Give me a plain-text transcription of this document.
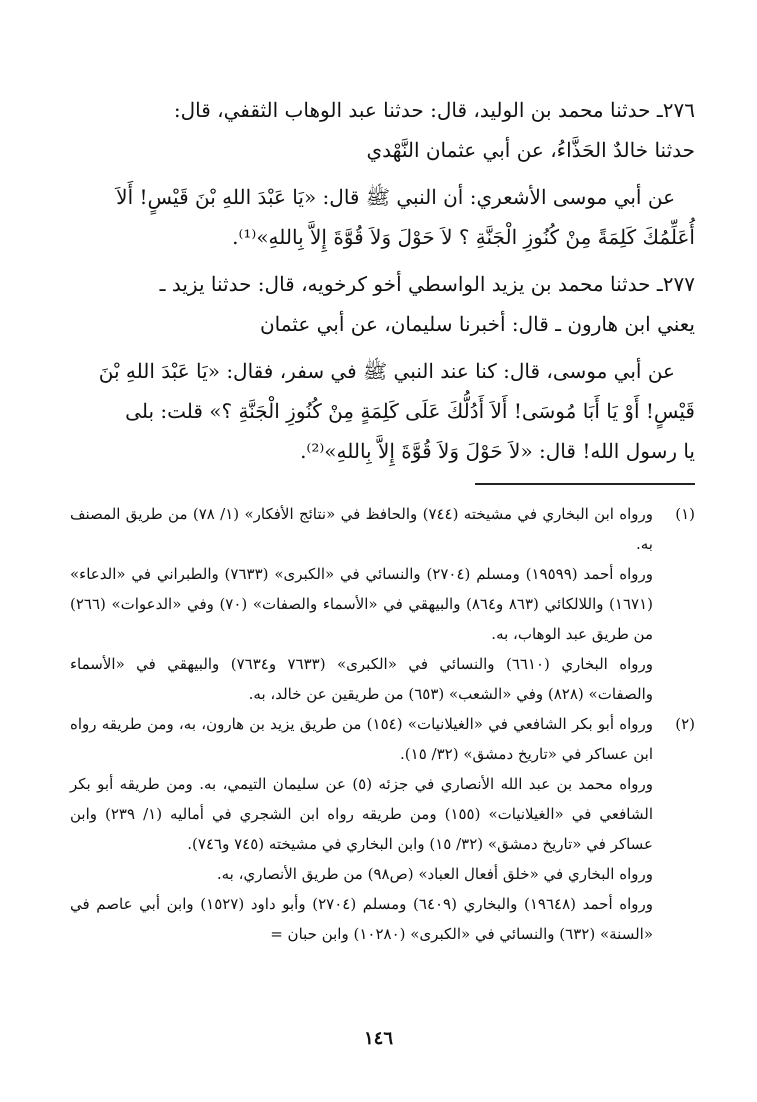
٢٧٦ـ حدثنا محمد بن الوليد، قال: حدثنا عبد الوهاب الثقفي، قال:
حدثنا خالدٌ الحَذَّاءُ، عن أبي عثمان النَّهْدي

عن أبي موسى الأشعري: أن النبي ﷺ قال: «يَا عَبْدَ اللهِ بْنَ قَيْسٍ! أَلاَ
أُعَلِّمُكَ كَلِمَةً مِنْ كُنُوزِ الْجَنَّةِ ؟ لاَ حَوْلَ وَلاَ قُوَّةَ إِلاَّ بِاللهِ»⁽¹⁾.

٢٧٧ـ حدثنا محمد بن يزيد الواسطي أخو كرخويه، قال: حدثنا يزيد ـ
يعني ابن هارون ـ قال: أخبرنا سليمان، عن أبي عثمان

عن أبي موسى، قال: كنا عند النبي ﷺ في سفر، فقال: «يَا عَبْدَ اللهِ بْنَ
قَيْسٍ! أَوْ يَا أَبَا مُوسَى! أَلاَ أَدُلُّكَ عَلَى كَلِمَةٍ مِنْ كُنُوزِ الْجَنَّةِ ؟» قلت: بلى
يا رسول الله! قال: «لاَ حَوْلَ وَلاَ قُوَّةَ إِلاَّ بِاللهِ»⁽²⁾.

(١)

ورواه ابن البخاري في مشيخته (٧٤٤) والحافظ في «نتائج الأفكار» (١/ ٧٨) من طريق المصنف به.

ورواه أحمد (١٩٥٩٩) ومسلم (٢٧٠٤) والنسائي في «الكبرى» (٧٦٣٣) والطبراني في «الدعاء» (١٦٧١) واللالكائي (٨٦٣ و٨٦٤) والبيهقي في «الأسماء والصفات» (٧٠) وفي «الدعوات» (٢٦٦) من طريق عبد الوهاب، به.

ورواه البخاري (٦٦١٠) والنسائي في «الكبرى» (٧٦٣٣ و٧٦٣٤) والبيهقي في «الأسماء والصفات» (٨٢٨) وفي «الشعب» (٦٥٣) من طريقين عن خالد، به.

(٢)

ورواه أبو بكر الشافعي في «الغيلانيات» (١٥٤) من طريق يزيد بن هارون، به، ومن طريقه رواه ابن عساكر في «تاريخ دمشق» (٣٢/ ١٥).

ورواه محمد بن عبد الله الأنصاري في جزئه (٥) عن سليمان التيمي، به. ومن طريقه أبو بكر الشافعي في «الغيلانيات» (١٥٥) ومن طريقه رواه ابن الشجري في أماليه (١/ ٢٣٩) وابن عساكر في «تاريخ دمشق» (٣٢/ ١٥) وابن البخاري في مشيخته (٧٤٥ و٧٤٦).

ورواه البخاري في «خلق أفعال العباد» (ص٩٨) من طريق الأنصاري، به.

ورواه أحمد (١٩٦٤٨) والبخاري (٦٤٠٩) ومسلم (٢٧٠٤) وأبو داود (١٥٢٧) وابن أبي عاصم في «السنة» (٦٣٢) والنسائي في «الكبرى» (١٠٢٨٠) وابن حبان =

١٤٦
